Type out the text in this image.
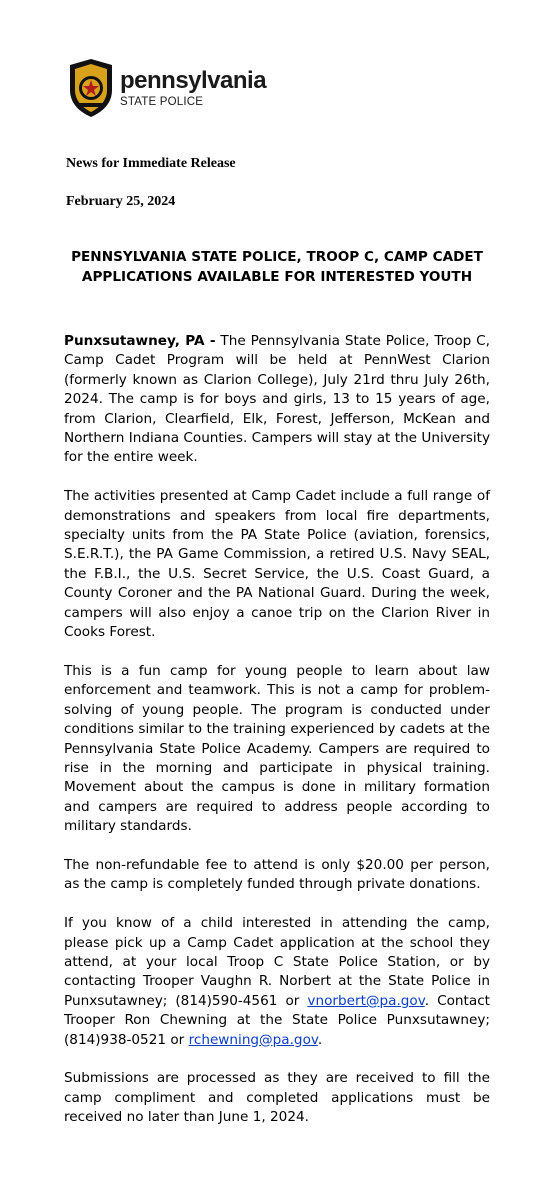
pennsylvania
STATE POLICE
News for Immediate Release
February 25, 2024
PENNSYLVANIA STATE POLICE, TROOP C, CAMP CADET APPLICATIONS AVAILABLE FOR INTERESTED YOUTH

Punxsutawney, PA - The Pennsylvania State Police, Troop C, Camp Cadet Program will be held at PennWest Clarion (formerly known as Clarion College), July 21rd thru July 26th, 2024. The camp is for boys and girls, 13 to 15 years of age, from Clarion, Clearfield, Elk, Forest, Jefferson, McKean and Northern Indiana Counties. Campers will stay at the University for the entire week.

The activities presented at Camp Cadet include a full range of demonstrations and speakers from local fire departments, specialty units from the PA State Police (aviation, forensics, S.E.R.T.), the PA Game Commission, a retired U.S. Navy SEAL, the F.B.I., the U.S. Secret Service, the U.S. Coast Guard, a County Coroner and the PA National Guard. During the week, campers will also enjoy a canoe trip on the Clarion River in Cooks Forest.

This is a fun camp for young people to learn about law enforcement and teamwork. This is not a camp for problem-solving of young people. The program is conducted under conditions similar to the training experienced by cadets at the Pennsylvania State Police Academy. Campers are required to rise in the morning and participate in physical training. Movement about the campus is done in military formation and campers are required to address people according to military standards.

The non-refundable fee to attend is only $20.00 per person, as the camp is completely funded through private donations.

If you know of a child interested in attending the camp, please pick up a Camp Cadet application at the school they attend, at your local Troop C State Police Station, or by contacting Trooper Vaughn R. Norbert at the State Police in Punxsutawney; (814)590-4561 or vnorbert@pa.gov. Contact Trooper Ron Chewning at the State Police Punxsutawney; (814)938-0521 or rchewning@pa.gov.

Submissions are processed as they are received to fill the camp compliment and completed applications must be received no later than June 1, 2024.
